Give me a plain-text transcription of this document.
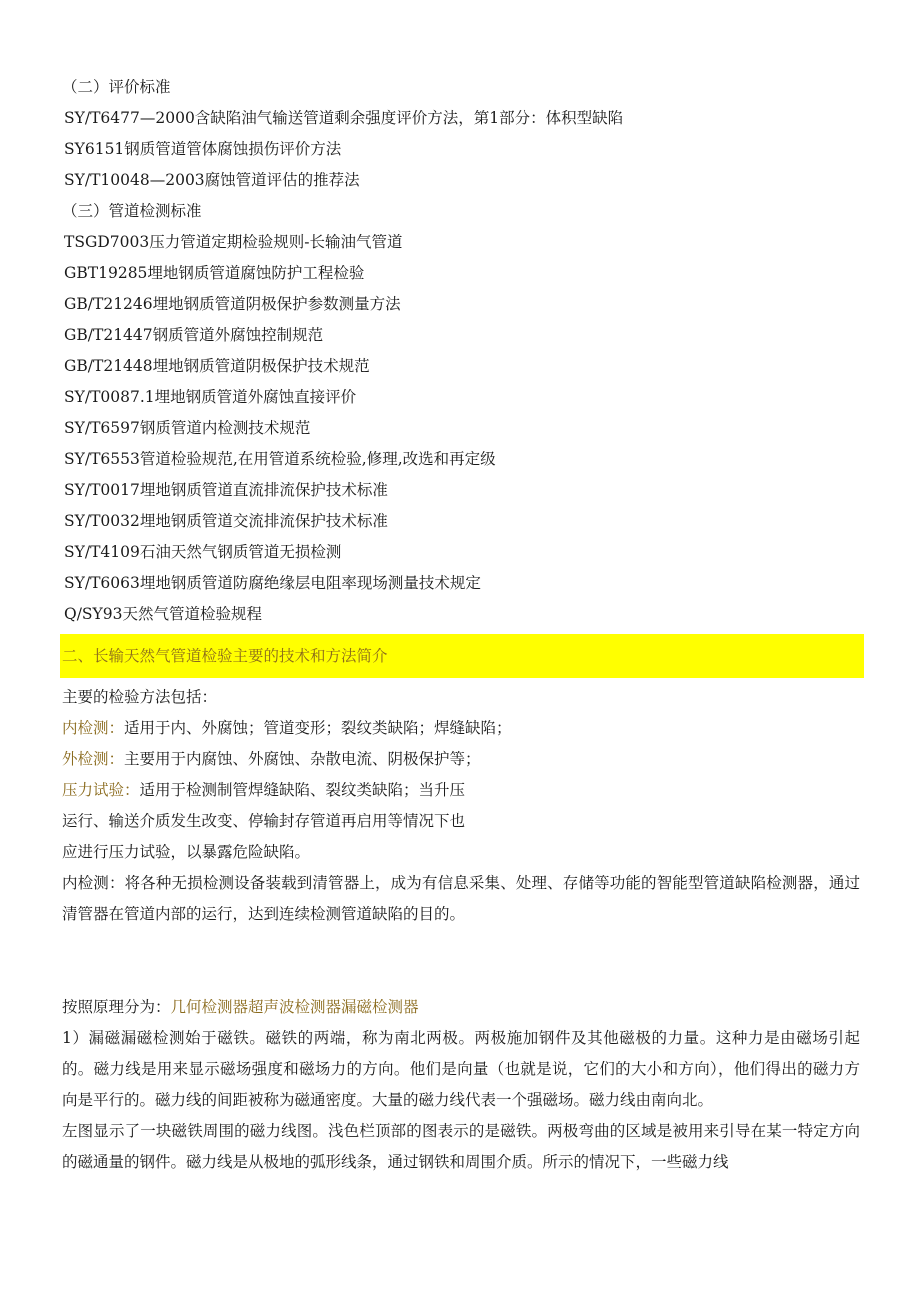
（二）评价标准
SY/T6477—2000含缺陷油气输送管道剩余强度评价方法，第1部分：体积型缺陷
SY6151钢质管道管体腐蚀损伤评价方法
SY/T10048—2003腐蚀管道评估的推荐法
（三）管道检测标准
TSGD7003压力管道定期检验规则-长输油气管道
GBT19285埋地钢质管道腐蚀防护工程检验
GB/T21246埋地钢质管道阴极保护参数测量方法
GB/T21447钢质管道外腐蚀控制规范
GB/T21448埋地钢质管道阴极保护技术规范
SY/T0087.1埋地钢质管道外腐蚀直接评价
SY/T6597钢质管道内检测技术规范
SY/T6553管道检验规范,在用管道系统检验,修理,改选和再定级
SY/T0017埋地钢质管道直流排流保护技术标准
SY/T0032埋地钢质管道交流排流保护技术标准
SY/T4109石油天然气钢质管道无损检测
SY/T6063埋地钢质管道防腐绝缘层电阻率现场测量技术规定
Q/SY93天然气管道检验规程
二、长输天然气管道检验主要的技术和方法简介
主要的检验方法包括：
内检测：适用于内、外腐蚀；管道变形；裂纹类缺陷；焊缝缺陷；
外检测：主要用于内腐蚀、外腐蚀、杂散电流、阴极保护等；
压力试验：适用于检测制管焊缝缺陷、裂纹类缺陷；当升压
运行、输送介质发生改变、停输封存管道再启用等情况下也
应进行压力试验，以暴露危险缺陷。
内检测：将各种无损检测设备装载到清管器上，成为有信息采集、处理、存储等功能的智能型管道缺陷检测器，通过清管器在管道内部的运行，达到连续检测管道缺陷的目的。
按照原理分为：几何检测器超声波检测器漏磁检测器
1）漏磁漏磁检测始于磁铁。磁铁的两端，称为南北两极。两极施加钢件及其他磁极的力量。这种力是由磁场引起的。磁力线是用来显示磁场强度和磁场力的方向。他们是向量（也就是说，它们的大小和方向），他们得出的磁力方向是平行的。磁力线的间距被称为磁通密度。大量的磁力线代表一个强磁场。磁力线由南向北。
左图显示了一块磁铁周围的磁力线图。浅色栏顶部的图表示的是磁铁。两极弯曲的区域是被用来引导在某一特定方向的磁通量的钢件。磁力线是从极地的弧形线条，通过钢铁和周围介质。所示的情况下，一些磁力线
